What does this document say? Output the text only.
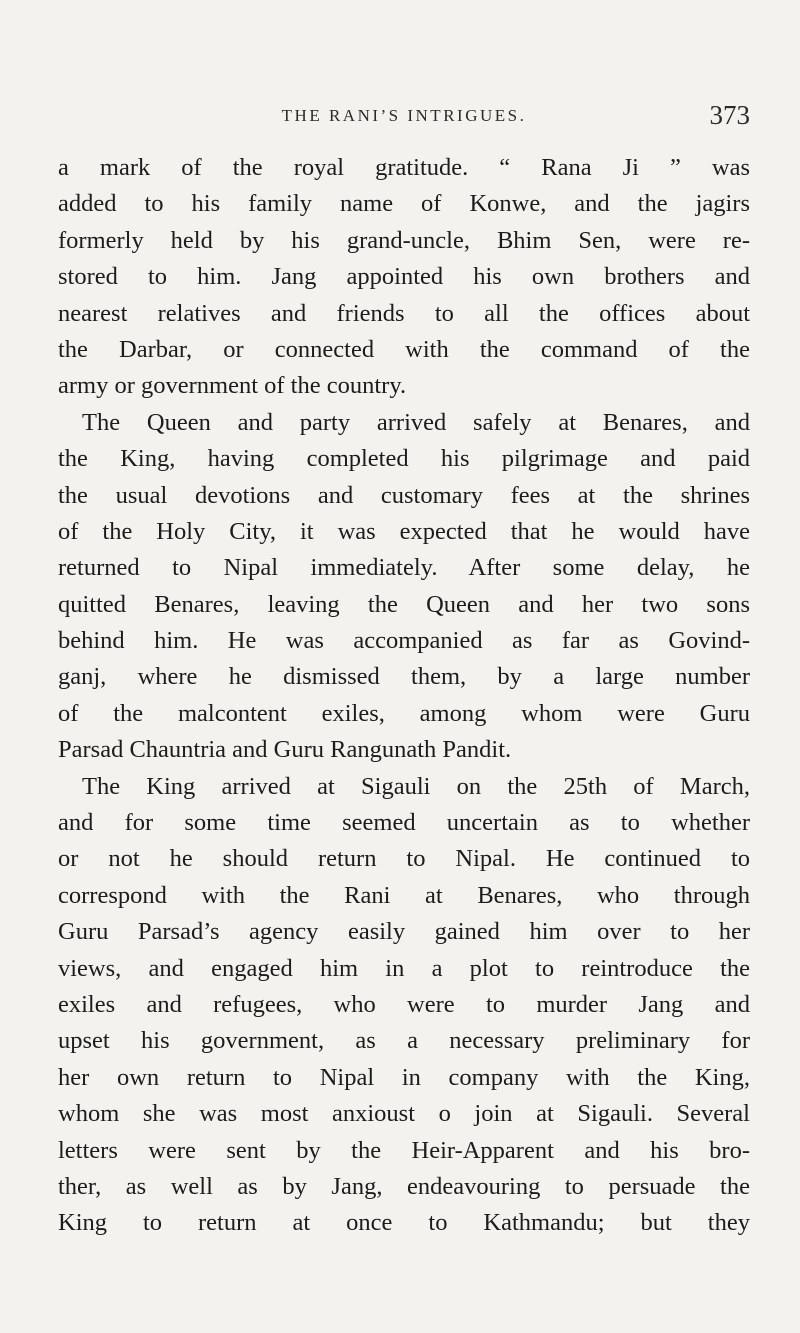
THE RANI’S INTRIGUES.	373
a mark of the royal gratitude. “ Rana Ji ” was
added to his family name of Konwe, and the jagirs
formerly held by his grand-uncle, Bhim Sen, were re-
stored to him. Jang appointed his own brothers and
nearest relatives and friends to all the offices about
the Darbar, or connected with the command of the
army or government of the country.
The Queen and party arrived safely at Benares, and
the King, having completed his pilgrimage and paid
the usual devotions and customary fees at the shrines
of the Holy City, it was expected that he would have
returned to Nipal immediately. After some delay, he
quitted Benares, leaving the Queen and her two sons
behind him. He was accompanied as far as Govind-
ganj, where he dismissed them, by a large number
of the malcontent exiles, among whom were Guru
Parsad Chauntria and Guru Rangunath Pandit.
The King arrived at Sigauli on the 25th of March,
and for some time seemed uncertain as to whether
or not he should return to Nipal. He continued to
correspond with the Rani at Benares, who through
Guru Parsad’s agency easily gained him over to her
views, and engaged him in a plot to reintroduce the
exiles and refugees, who were to murder Jang and
upset his government, as a necessary preliminary for
her own return to Nipal in company with the King,
whom she was most anxioust o join at Sigauli. Several
letters were sent by the Heir-Apparent and his bro-
ther, as well as by Jang, endeavouring to persuade the
King to return at once to Kathmandu; but they
